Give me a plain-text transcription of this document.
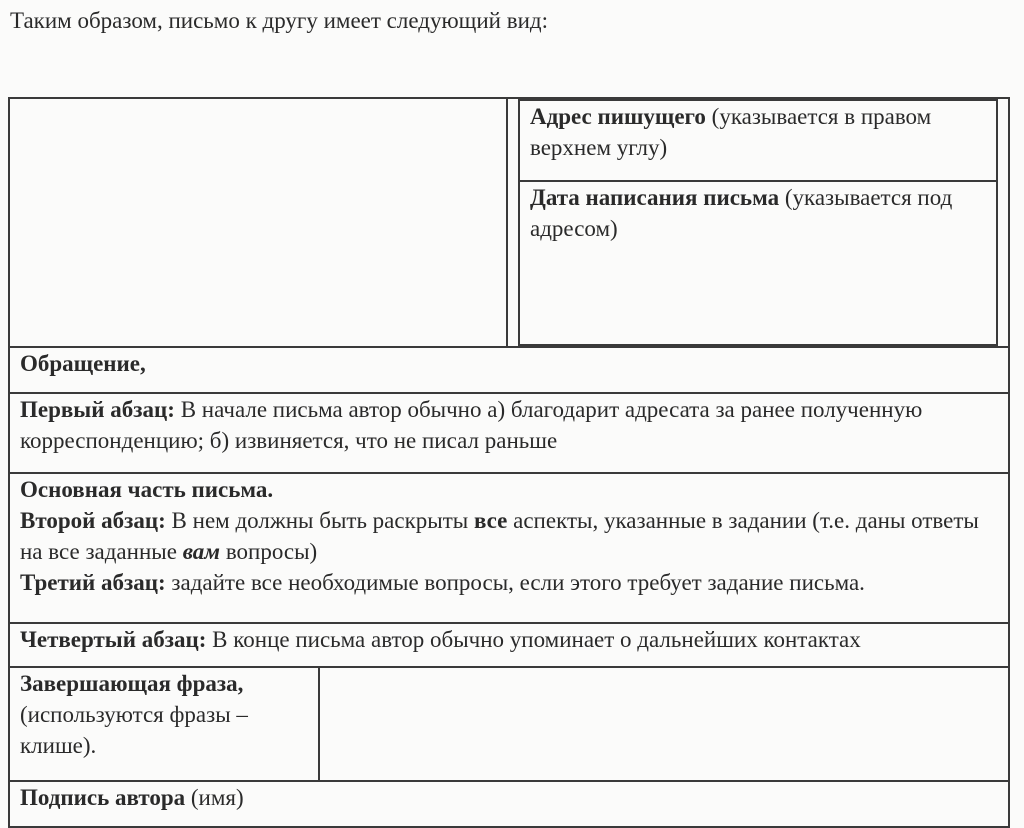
Таким образом, письмо к другу имеет следующий вид:

Адрес пишущего (указывается в правом верхнем углу)
Дата написания письма (указывается под адресом)

Обращение,
Первый абзац: В начале письма автор обычно а) благодарит адресата за ранее полученную корреспонденцию; б) извиняется, что не писал раньше
Основная часть письма.
Второй абзац: В нем должны быть раскрыты все аспекты, указанные в задании (т.е. даны ответы на все заданные вам вопросы)
Третий абзац: задайте все необходимые вопросы, если этого требует задание письма.
Четвертый абзац: В конце письма автор обычно упоминает о дальнейших контактах
Завершающая фраза,
(используются фразы – клише).	
Подпись автора (имя)
